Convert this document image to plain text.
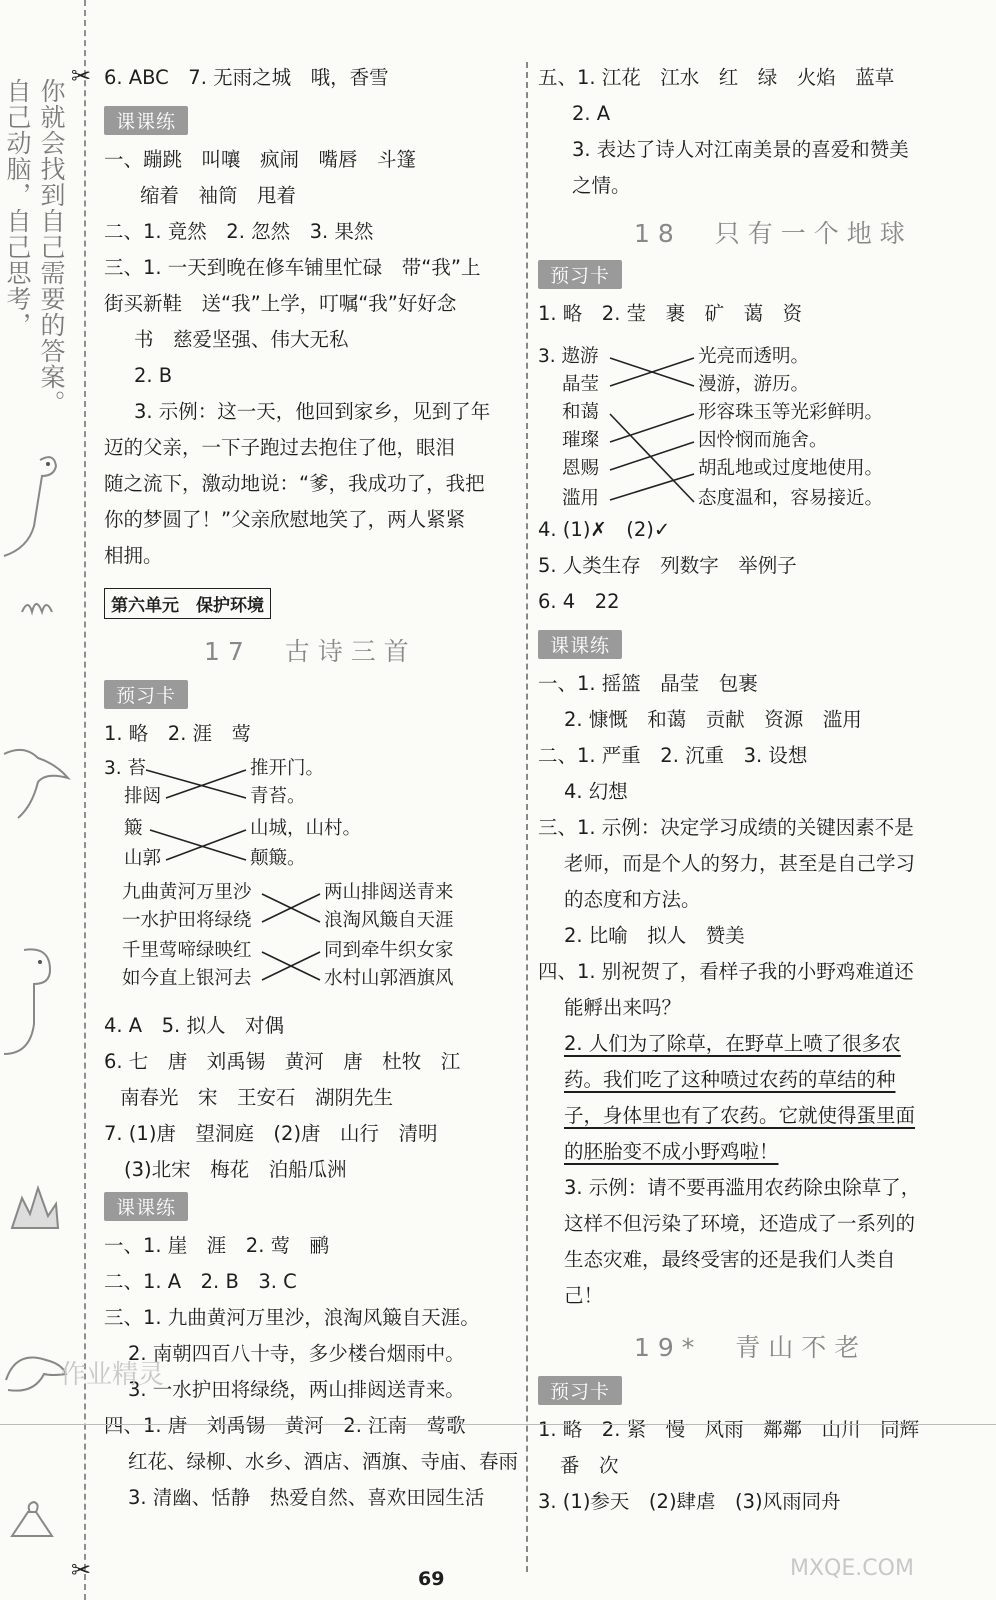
你就会找到自己需要的答案。
自己动脑，自己思考，
✂
✂
6. ABC　7. 无雨之城　哦，香雪
课课练
一、蹦跳　叫嚷　疯闹　嘴唇　斗篷
缩着　袖筒　甩着
二、1. 竟然　2. 忽然　3. 果然
三、1. 一天到晚在修车铺里忙碌　带“我”上
街买新鞋　送“我”上学，叮嘱“我”好好念
书　慈爱坚强、伟大无私
2. B
3. 示例：这一天，他回到家乡，见到了年
迈的父亲，一下子跑过去抱住了他，眼泪
随之流下，激动地说：“爹，我成功了，我把
你的梦圆了！”父亲欣慰地笑了，两人紧紧
相拥。
第六单元　保护环境
17　古诗三首
预习卡
1. 略　2. 涯　莺
3. 苔
排闼
推开门。
青苔。
簸
山郭
山城，山村。
颠簸。
九曲黄河万里沙
一水护田将绿绕
两山排闼送青来
浪淘风簸自天涯
千里莺啼绿映红
如今直上银河去
同到牵牛织女家
水村山郭酒旗风
4. A　5. 拟人　对偶
6. 七　唐　刘禹锡　黄河　唐　杜牧　江
南春光　宋　王安石　湖阴先生
7. (1)唐　望洞庭　(2)唐　山行　清明
(3)北宋　梅花　泊船瓜洲
课课练
一、1. 崖　涯　2. 莺　鹂
二、1. A　2. B　3. C
三、1. 九曲黄河万里沙，浪淘风簸自天涯。
2. 南朝四百八十寺，多少楼台烟雨中。
3. 一水护田将绿绕，两山排闼送青来。
四、1. 唐　刘禹锡　黄河　2. 江南　莺歌
红花、绿柳、水乡、酒店、酒旗、寺庙、春雨
3. 清幽、恬静　热爱自然、喜欢田园生活
五、1. 江花　江水　红　绿　火焰　蓝草
2. A
3. 表达了诗人对江南美景的喜爱和赞美
之情。
18　只有一个地球
预习卡
1. 略　2. 莹　裹　矿　蔼　资
3. 遨游
晶莹
和蔼
璀璨
恩赐
滥用
光亮而透明。
漫游，游历。
形容珠玉等光彩鲜明。
因怜悯而施舍。
胡乱地或过度地使用。
态度温和，容易接近。
4. (1)✗　(2)✓
5. 人类生存　列数字　举例子
6. 4　22
课课练
一、1. 摇篮　晶莹　包裹
2. 慷慨　和蔼　贡献　资源　滥用
二、1. 严重　2. 沉重　3. 设想
4. 幻想
三、1. 示例：决定学习成绩的关键因素不是
老师，而是个人的努力，甚至是自己学习
的态度和方法。
2. 比喻　拟人　赞美
四、1. 别祝贺了，看样子我的小野鸡难道还
能孵出来吗？
2. 人们为了除草，在野草上喷了很多农
药。我们吃了这种喷过农药的草结的种
子，身体里也有了农药。它就使得蛋里面
的胚胎变不成小野鸡啦！
3. 示例：请不要再滥用农药除虫除草了，
这样不但污染了环境，还造成了一系列的
生态灾难，最终受害的还是我们人类自
己！
19*　青山不老
预习卡
1. 略　2. 紧　慢　风雨　鄰鄰　山川　同辉
番　次
3. (1)参天　(2)肆虐　(3)风雨同舟
作业精灵
MXQE.COM
69
